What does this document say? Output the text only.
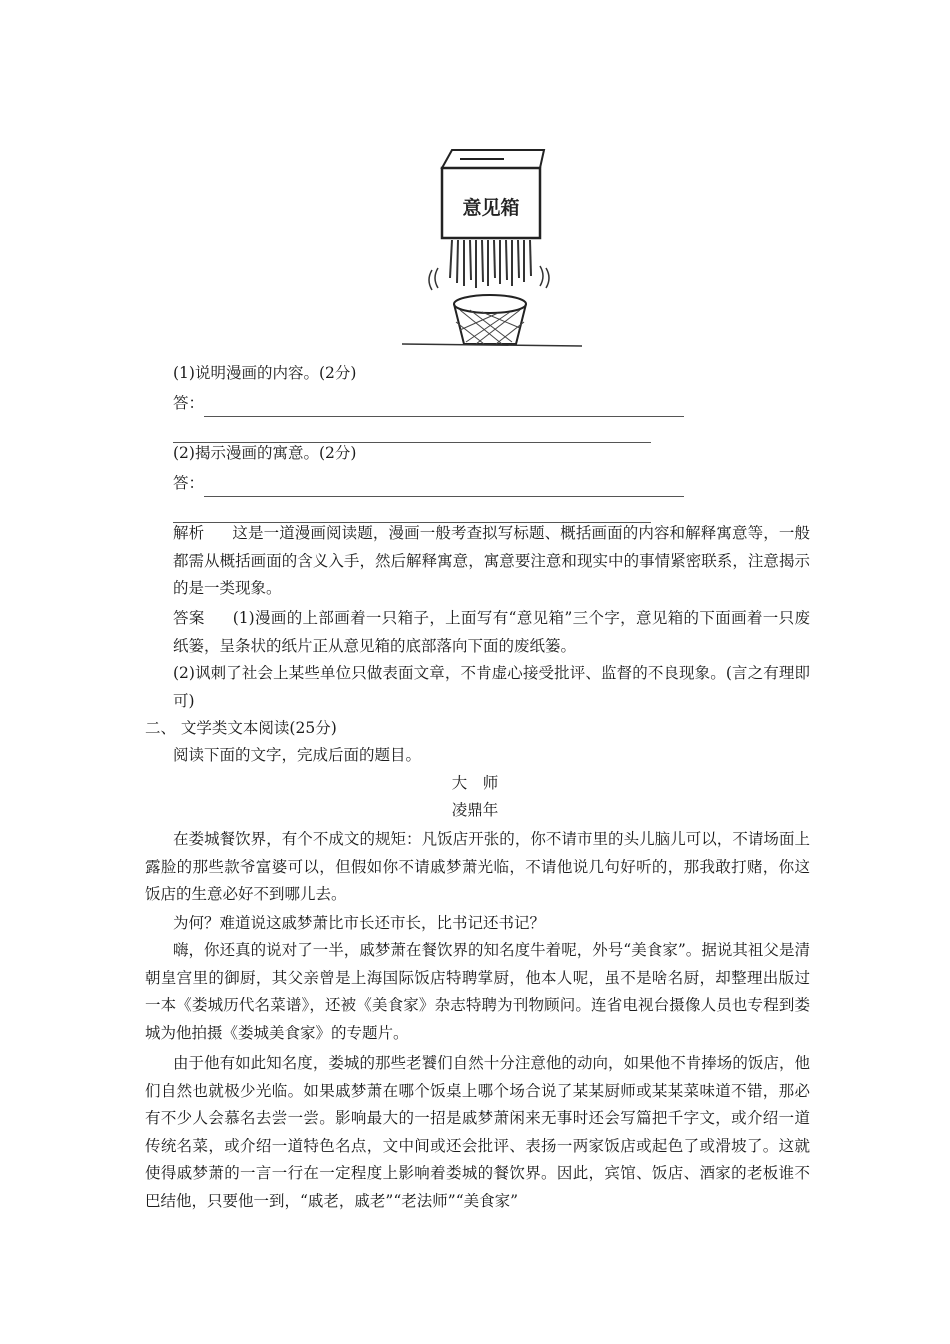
意见箱
(1)说明漫画的内容。(2分)
答：
(2)揭示漫画的寓意。(2分)
答：
解析 这是一道漫画阅读题，漫画一般考查拟写标题、概括画面的内容和解释寓意等，一般都需从概括画面的含义入手，然后解释寓意，寓意要注意和现实中的事情紧密联系，注意揭示的是一类现象。
答案 (1)漫画的上部画着一只箱子，上面写有“意见箱”三个字，意见箱的下面画着一只废纸篓，呈条状的纸片正从意见箱的底部落向下面的废纸篓。
(2)讽刺了社会上某些单位只做表面文章，不肯虚心接受批评、监督的不良现象。(言之有理即可)
二、 文学类文本阅读(25分)
阅读下面的文字，完成后面的题目。
大　师
凌鼎年
在娄城餐饮界，有个不成文的规矩：凡饭店开张的，你不请市里的头儿脑儿可以，不请场面上露脸的那些款爷富婆可以，但假如你不请戚梦萧光临，不请他说几句好听的，那我敢打赌，你这饭店的生意必好不到哪儿去。
为何？难道说这戚梦萧比市长还市长，比书记还书记？
嗨，你还真的说对了一半，戚梦萧在餐饮界的知名度牛着呢，外号“美食家”。据说其祖父是清朝皇宫里的御厨，其父亲曾是上海国际饭店特聘掌厨，他本人呢，虽不是啥名厨，却整理出版过一本《娄城历代名菜谱》，还被《美食家》杂志特聘为刊物顾问。连省电视台摄像人员也专程到娄城为他拍摄《娄城美食家》的专题片。
由于他有如此知名度，娄城的那些老饕们自然十分注意他的动向，如果他不肯捧场的饭店，他们自然也就极少光临。如果戚梦萧在哪个饭桌上哪个场合说了某某厨师或某某菜味道不错，那必有不少人会慕名去尝一尝。影响最大的一招是戚梦萧闲来无事时还会写篇把千字文，或介绍一道传统名菜，或介绍一道特色名点，文中间或还会批评、表扬一两家饭店或起色了或滑坡了。这就使得戚梦萧的一言一行在一定程度上影响着娄城的餐饮界。因此，宾馆、饭店、酒家的老板谁不巴结他，只要他一到，“戚老，戚老”“老法师”“美食家”
